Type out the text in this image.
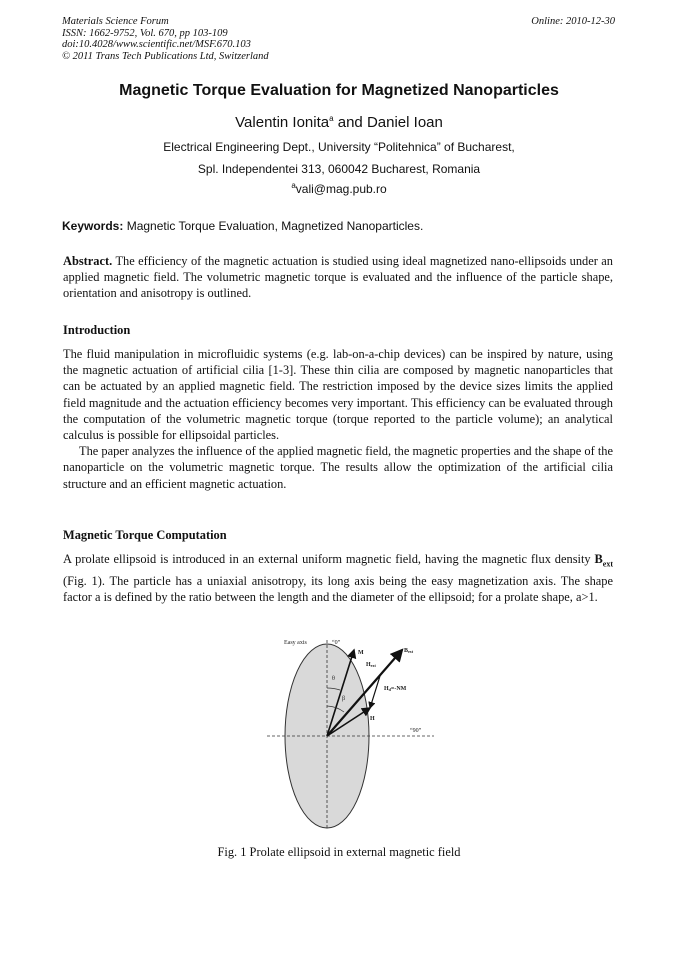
Materials Science Forum
ISSN: 1662-9752, Vol. 670, pp 103-109
doi:10.4028/www.scientific.net/MSF.670.103
© 2011 Trans Tech Publications Ltd, Switzerland
Online: 2010-12-30
Magnetic Torque Evaluation for Magnetized Nanoparticles
Valentin Ionita$^a$ and Daniel Ioan
Electrical Engineering Dept., University “Politehnica” of Bucharest,
Spl. Independentei 313, 060042 Bucharest, Romania
$^a$vali@mag.pub.ro
Keywords: Magnetic Torque Evaluation, Magnetized Nanoparticles.

Abstract. The efficiency of the magnetic actuation is studied using ideal magnetized nano-ellipsoids under an applied magnetic field. The volumetric magnetic torque is evaluated and the influence of the particle shape, orientation and anisotropy is outlined.

Introduction

The fluid manipulation in microfluidic systems (e.g. lab-on-a-chip devices) can be inspired by nature, using the magnetic actuation of artificial cilia [1-3]. These thin cilia are composed by magnetic nanoparticles that can be actuated by an applied magnetic field. The restriction imposed by the device sizes limits the applied field magnitude and the actuation efficiency becomes very important. This efficiency can be evaluated through the computation of the volumetric magnetic torque (torque reported to the particle volume); an analytical calculus is possible for ellipsoidal particles.

The paper analyzes the influence of the applied magnetic field, the magnetic properties and the shape of the nanoparticle on the volumetric magnetic torque. The results allow the optimization of the artificial cilia structure and an efficient magnetic actuation.

Magnetic Torque Computation

A prolate ellipsoid is introduced in an external uniform magnetic field, having the magnetic flux density $B_{ext}$ (Fig. 1). The particle has a uniaxial anisotropy, its long axis being the easy magnetization axis. The shape factor a is defined by the ratio between the length and the diameter of the ellipsoid; for a prolate shape, a>1.

Easy axis	“0”
“90”
M	Bext
Hext
Hd=-NM
H
θ
β
Fig. 1 Prolate ellipsoid in external magnetic field
